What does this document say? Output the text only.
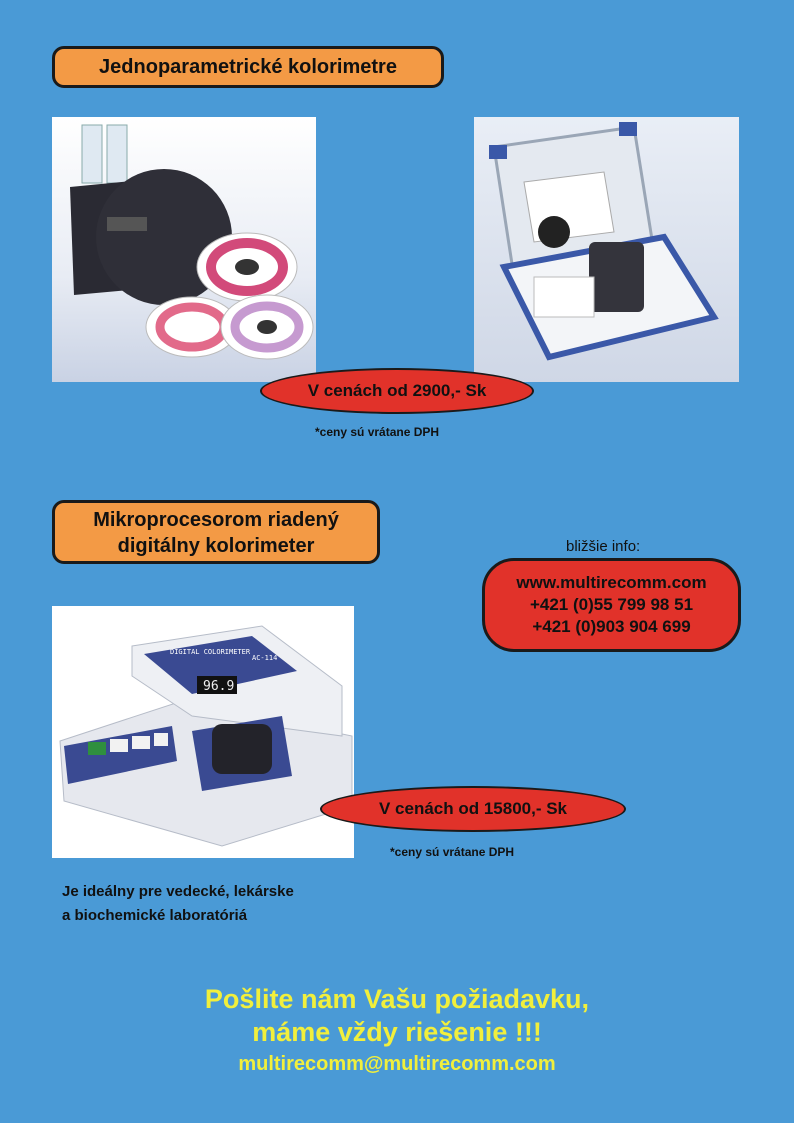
Jednoparametrické kolorimetre
V cenách od 2900,- Sk
*ceny sú vrátane DPH
Mikroprocesorom riadený
digitálny kolorimeter	bližšie info:
www.multirecomm.com
+421 (0)55 799 98 51
+421 (0)903 904 699
DIGITAL COLORIMETER
AC-114
96.9
V cenách od 15800,- Sk
*ceny sú vrátane DPH
Je ideálny pre vedecké, lekárske
a biochemické laboratóriá
Pošlite nám Vašu požiadavku,
máme vždy riešenie !!!
multirecomm@multirecomm.com
